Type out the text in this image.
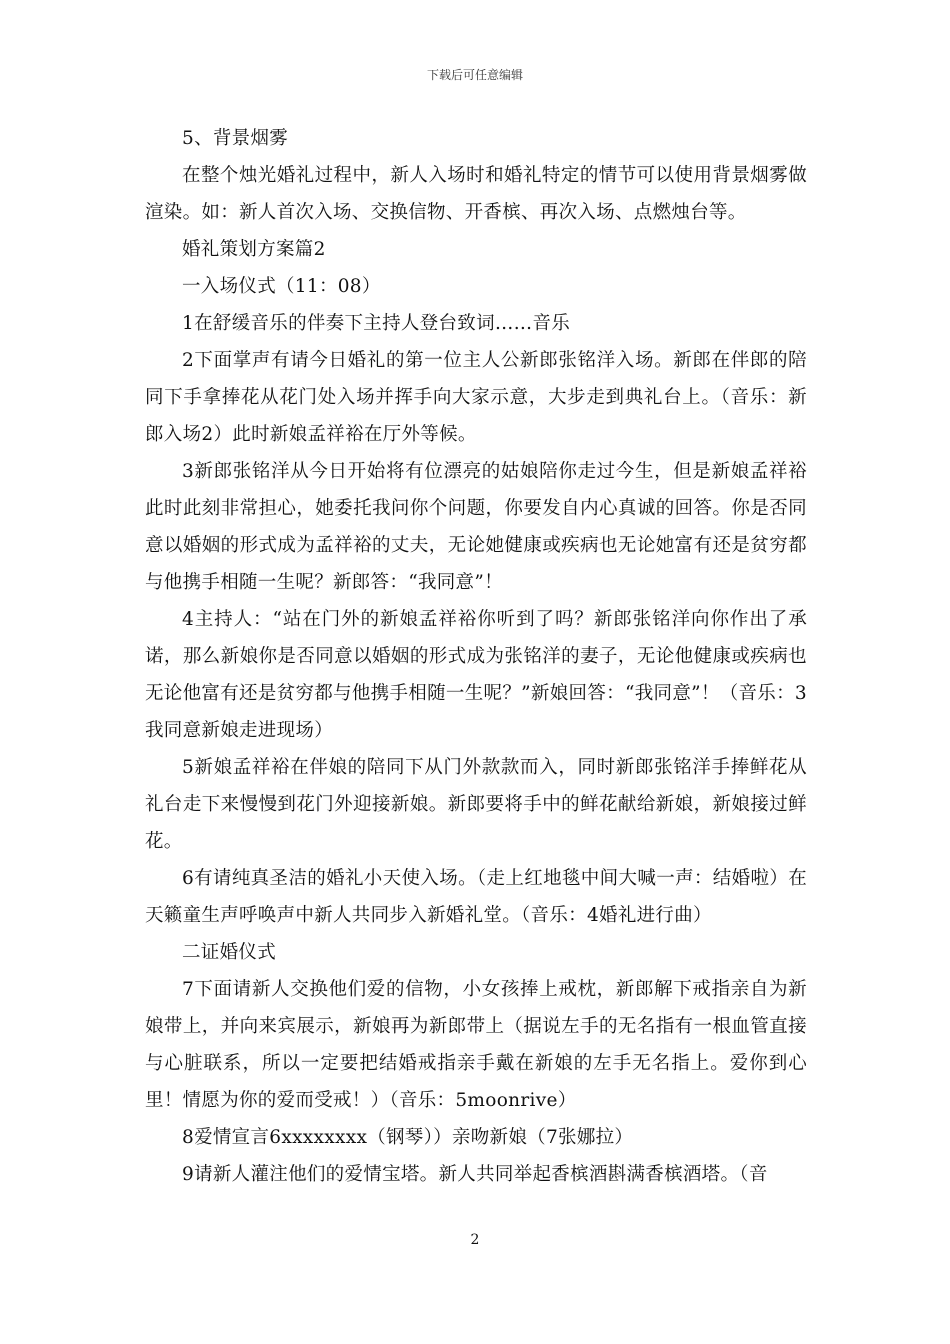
下载后可任意编辑

5、背景烟雾

在整个烛光婚礼过程中，新人入场时和婚礼特定的情节可以使用背景烟雾做渲染。如：新人首次入场、交换信物、开香槟、再次入场、点燃烛台等。

婚礼策划方案篇2

一入场仪式（11：08）

1在舒缓音乐的伴奏下主持人登台致词……音乐

2下面掌声有请今日婚礼的第一位主人公新郎张铭洋入场。新郎在伴郎的陪同下手拿捧花从花门处入场并挥手向大家示意，大步走到典礼台上。（音乐：新郎入场2）此时新娘孟祥裕在厅外等候。

3新郎张铭洋从今日开始将有位漂亮的姑娘陪你走过今生，但是新娘孟祥裕此时此刻非常担心，她委托我问你个问题，你要发自内心真诚的回答。你是否同意以婚姻的形式成为孟祥裕的丈夫，无论她健康或疾病也无论她富有还是贫穷都与他携手相随一生呢？新郎答：“我同意”！

4主持人：“站在门外的新娘孟祥裕你听到了吗？新郎张铭洋向你作出了承诺，那么新娘你是否同意以婚姻的形式成为张铭洋的妻子，无论他健康或疾病也无论他富有还是贫穷都与他携手相随一生呢？”新娘回答：“我同意”！（音乐：3我同意新娘走进现场）

5新娘孟祥裕在伴娘的陪同下从门外款款而入，同时新郎张铭洋手捧鲜花从礼台走下来慢慢到花门外迎接新娘。新郎要将手中的鲜花献给新娘，新娘接过鲜花。

6有请纯真圣洁的婚礼小天使入场。（走上红地毯中间大喊一声：结婚啦）在天籁童生声呼唤声中新人共同步入新婚礼堂。（音乐：4婚礼进行曲）

二证婚仪式

7下面请新人交换他们爱的信物，小女孩捧上戒枕，新郎解下戒指亲自为新娘带上，并向来宾展示，新娘再为新郎带上（据说左手的无名指有一根血管直接与心脏联系，所以一定要把结婚戒指亲手戴在新娘的左手无名指上。爱你到心里！情愿为你的爱而受戒！）（音乐：5moonrive）

8爱情宣言6xxxxxxxx（钢琴））亲吻新娘（7张娜拉）

9请新人灌注他们的爱情宝塔。新人共同举起香槟酒斟满香槟酒塔。（音

2
